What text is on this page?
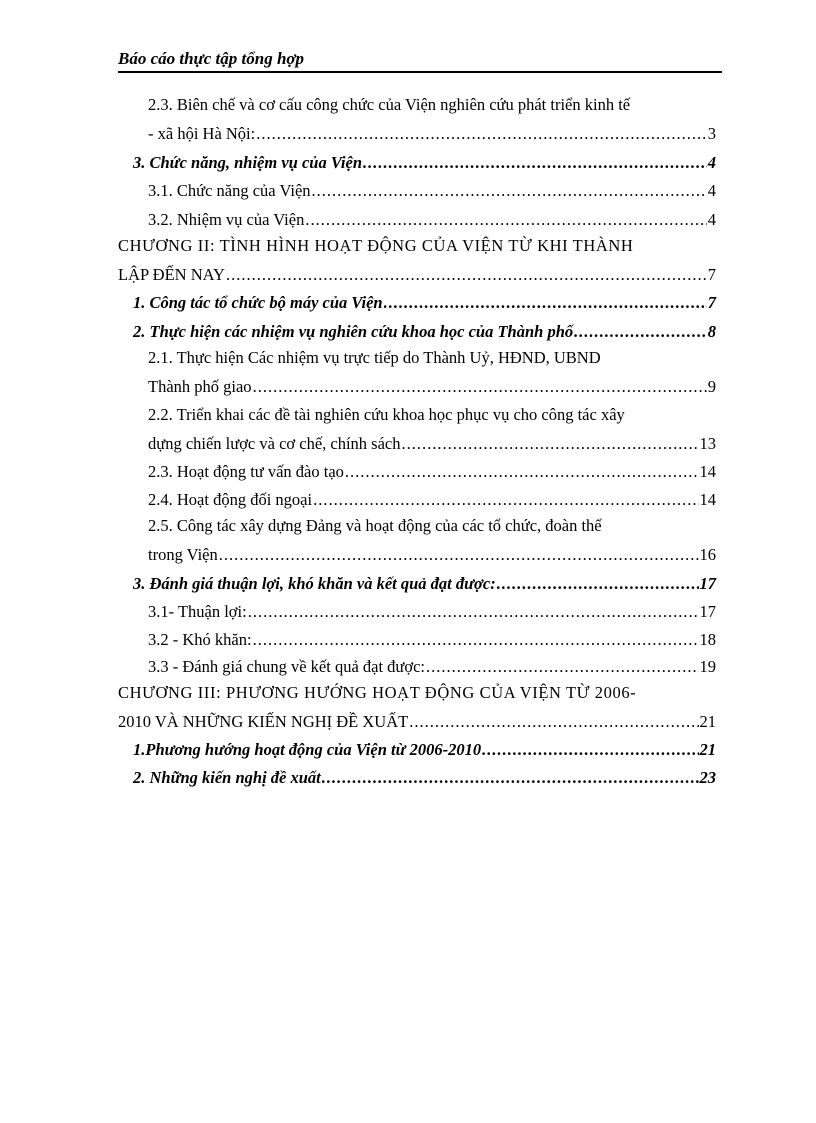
Báo cáo thực tập tổng hợp
2.3. Biên chế và cơ cấu công chức của Viện nghiên cứu phát triển kinh tế
- xã hội Hà Nội: .....	3
3. Chức năng, nhiệm vụ của Viện .....	4
3.1. Chức năng của Viện .....	4
3.2. Nhiệm vụ của Viện .....	4
CHƯƠNG II: TÌNH HÌNH HOẠT ĐỘNG CỦA VIỆN TỪ KHI THÀNH
LẬP ĐẾN NAY .....	7
1. Công tác tổ chức bộ máy của Viện .....	7
2. Thực hiện các nhiệm vụ nghiên cứu khoa học của Thành phố .....	8
2.1. Thực hiện Các nhiệm vụ trực tiếp do Thành Uỷ, HĐND, UBND
Thành phố giao .....	9
2.2. Triển khai các đề tài nghiên cứu khoa học phục vụ cho công tác xây
dựng chiến lược và cơ chế, chính sách .....	13
2.3. Hoạt động tư vấn đào tạo .....	14
2.4. Hoạt động đối ngoại .....	14
2.5. Công tác xây dựng Đảng và hoạt động của các tổ chức, đoàn thể
trong Viện .....	16
3. Đánh giá thuận lợi, khó khăn và kết quả đạt được: .....	17
3.1- Thuận lợi: .....	17
3.2 - Khó khăn: .....	18
3.3 - Đánh giá chung về kết quả đạt được: .....	19
CHƯƠNG III: PHƯƠNG HƯỚNG HOẠT ĐỘNG CỦA VIỆN TỪ 2006-
2010 VÀ NHỮNG KIẾN NGHỊ ĐỀ XUẤT .....	21
1.Phương hướng hoạt động của Viện từ 2006-2010 .....	21
2. Những kiến nghị đề xuất .....	23
